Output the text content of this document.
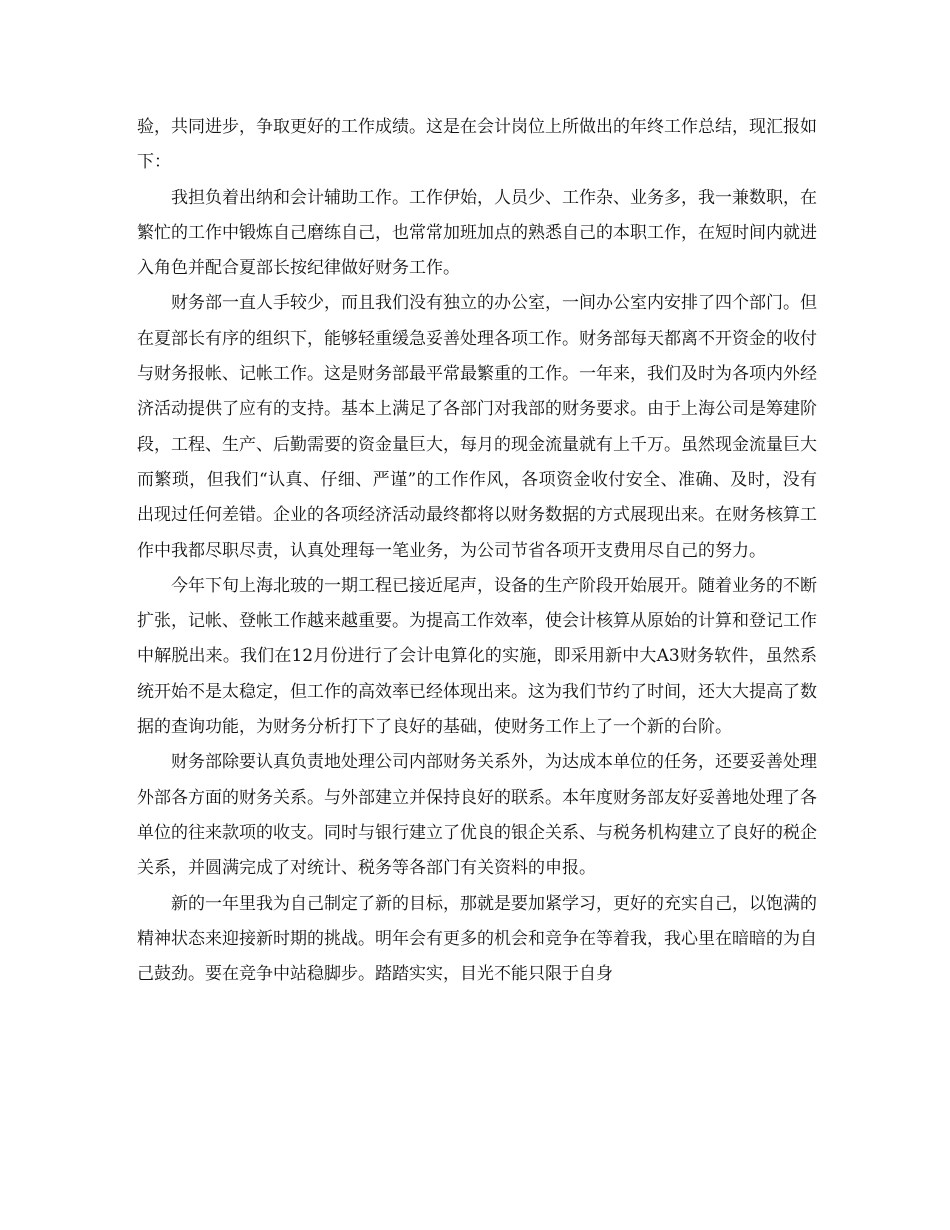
验，共同进步，争取更好的工作成绩。这是在会计岗位上所做出的年终工作总结，现汇报如下：

我担负着出纳和会计辅助工作。工作伊始，人员少、工作杂、业务多，我一兼数职，在繁忙的工作中锻炼自己磨练自己，也常常加班加点的熟悉自己的本职工作，在短时间内就进入角色并配合夏部长按纪律做好财务工作。

财务部一直人手较少，而且我们没有独立的办公室，一间办公室内安排了四个部门。但在夏部长有序的组织下，能够轻重缓急妥善处理各项工作。财务部每天都离不开资金的收付与财务报帐、记帐工作。这是财务部最平常最繁重的工作。一年来，我们及时为各项内外经济活动提供了应有的支持。基本上满足了各部门对我部的财务要求。由于上海公司是筹建阶段，工程、生产、后勤需要的资金量巨大，每月的现金流量就有上千万。虽然现金流量巨大而繁琐，但我们“认真、仔细、严谨”的工作作风，各项资金收付安全、准确、及时，没有出现过任何差错。企业的各项经济活动最终都将以财务数据的方式展现出来。在财务核算工作中我都尽职尽责，认真处理每一笔业务，为公司节省各项开支费用尽自己的努力。

今年下旬上海北玻的一期工程已接近尾声，设备的生产阶段开始展开。随着业务的不断扩张，记帐、登帐工作越来越重要。为提高工作效率，使会计核算从原始的计算和登记工作中解脱出来。我们在12月份进行了会计电算化的实施，即采用新中大A3财务软件，虽然系统开始不是太稳定，但工作的高效率已经体现出来。这为我们节约了时间，还大大提高了数据的查询功能，为财务分析打下了良好的基础，使财务工作上了一个新的台阶。

财务部除要认真负责地处理公司内部财务关系外，为达成本单位的任务，还要妥善处理外部各方面的财务关系。与外部建立并保持良好的联系。本年度财务部友好妥善地处理了各单位的往来款项的收支。同时与银行建立了优良的银企关系、与税务机构建立了良好的税企关系，并圆满完成了对统计、税务等各部门有关资料的申报。

新的一年里我为自己制定了新的目标，那就是要加紧学习，更好的充实自己，以饱满的精神状态来迎接新时期的挑战。明年会有更多的机会和竞争在等着我，我心里在暗暗的为自己鼓劲。要在竞争中站稳脚步。踏踏实实，目光不能只限于自身
